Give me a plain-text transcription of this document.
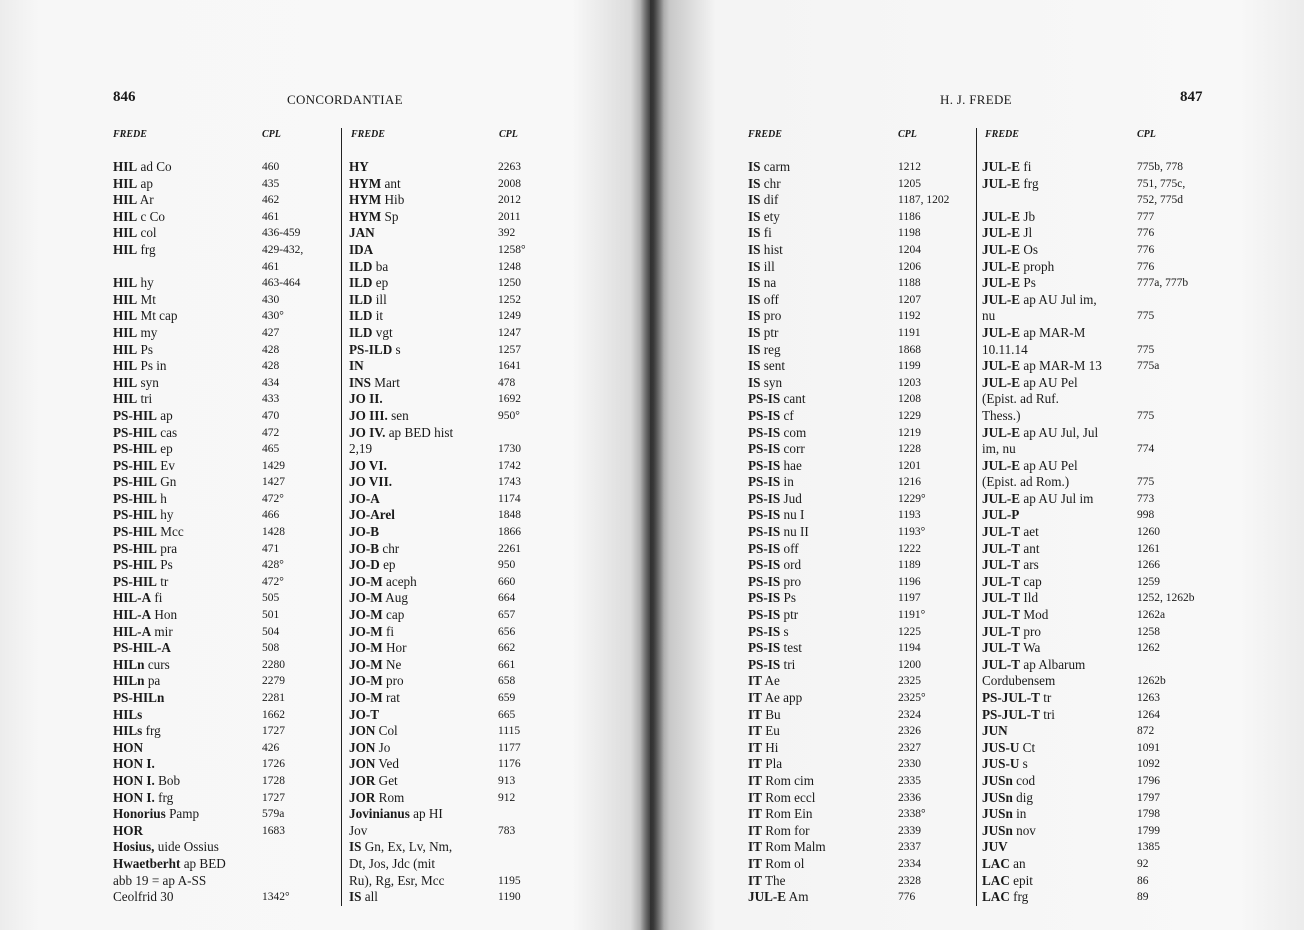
846	CONCORDANTIAE
FREDE	CPL	FREDE	CPL
HIL ad Co	460
HIL ap	435
HIL Ar	462
HIL c Co	461
HIL col	436-459
HIL frg	429-432,
461
HIL hy	463-464
HIL Mt	430
HIL Mt cap	430°
HIL my	427
HIL Ps	428
HIL Ps in	428
HIL syn	434
HIL tri	433
PS-HIL ap	470
PS-HIL cas	472
PS-HIL ep	465
PS-HIL Ev	1429
PS-HIL Gn	1427
PS-HIL h	472°
PS-HIL hy	466
PS-HIL Mcc	1428
PS-HIL pra	471
PS-HIL Ps	428°
PS-HIL tr	472°
HIL-A fi	505
HIL-A Hon	501
HIL-A mir	504
PS-HIL-A	508
HILn curs	2280
HILn pa	2279
PS-HILn	2281
HILs	1662
HILs frg	1727
HON	426
HON I.	1726
HON I. Bob	1728
HON I. frg	1727
Honorius Pamp	579a
HOR	1683
Hosius, uide Ossius
Hwaetberht ap BED
abb 19 = ap A-SS
Ceolfrid 30	1342°
HY	2263
HYM ant	2008
HYM Hib	2012
HYM Sp	2011
JAN	392
IDA	1258°
ILD ba	1248
ILD ep	1250
ILD ill	1252
ILD it	1249
ILD vgt	1247
PS-ILD s	1257
IN	1641
INS Mart	478
JO II.	1692
JO III. sen	950°
JO IV. ap BED hist
2,19	1730
JO VI.	1742
JO VII.	1743
JO-A	1174
JO-Arel	1848
JO-B	1866
JO-B chr	2261
JO-D ep	950
JO-M aceph	660
JO-M Aug	664
JO-M cap	657
JO-M fi	656
JO-M Hor	662
JO-M Ne	661
JO-M pro	658
JO-M rat	659
JO-T	665
JON Col	1115
JON Jo	1177
JON Ved	1176
JOR Get	913
JOR Rom	912
Jovinianus ap HI
Jov	783
IS Gn, Ex, Lv, Nm,
Dt, Jos, Jdc (mit
Ru), Rg, Esr, Mcc	1195
IS all	1190
H. J. FREDE	847
FREDE	CPL	FREDE	CPL
IS carm	1212
IS chr	1205
IS dif	1187, 1202
IS ety	1186
IS fi	1198
IS hist	1204
IS ill	1206
IS na	1188
IS off	1207
IS pro	1192
IS ptr	1191
IS reg	1868
IS sent	1199
IS syn	1203
PS-IS cant	1208
PS-IS cf	1229
PS-IS com	1219
PS-IS corr	1228
PS-IS hae	1201
PS-IS in	1216
PS-IS Jud	1229°
PS-IS nu I	1193
PS-IS nu II	1193°
PS-IS off	1222
PS-IS ord	1189
PS-IS pro	1196
PS-IS Ps	1197
PS-IS ptr	1191°
PS-IS s	1225
PS-IS test	1194
PS-IS tri	1200
IT Ae	2325
IT Ae app	2325°
IT Bu	2324
IT Eu	2326
IT Hi	2327
IT Pla	2330
IT Rom cim	2335
IT Rom eccl	2336
IT Rom Ein	2338°
IT Rom for	2339
IT Rom Malm	2337
IT Rom ol	2334
IT The	2328
JUL-E Am	776
JUL-E fi	775b, 778
JUL-E frg	751, 775c,
752, 775d
JUL-E Jb	777
JUL-E Jl	776
JUL-E Os	776
JUL-E proph	776
JUL-E Ps	777a, 777b
JUL-E ap AU Jul im,
nu	775
JUL-E ap MAR-M
10.11.14	775
JUL-E ap MAR-M 13	775a
JUL-E ap AU Pel
(Epist. ad Ruf.
Thess.)	775
JUL-E ap AU Jul, Jul
im, nu	774
JUL-E ap AU Pel
(Epist. ad Rom.)	775
JUL-E ap AU Jul im	773
JUL-P	998
JUL-T aet	1260
JUL-T ant	1261
JUL-T ars	1266
JUL-T cap	1259
JUL-T Ild	1252, 1262b
JUL-T Mod	1262a
JUL-T pro	1258
JUL-T Wa	1262
JUL-T ap Albarum
Cordubensem	1262b
PS-JUL-T tr	1263
PS-JUL-T tri	1264
JUN	872
JUS-U Ct	1091
JUS-U s	1092
JUSn cod	1796
JUSn dig	1797
JUSn in	1798
JUSn nov	1799
JUV	1385
LAC an	92
LAC epit	86
LAC frg	89
